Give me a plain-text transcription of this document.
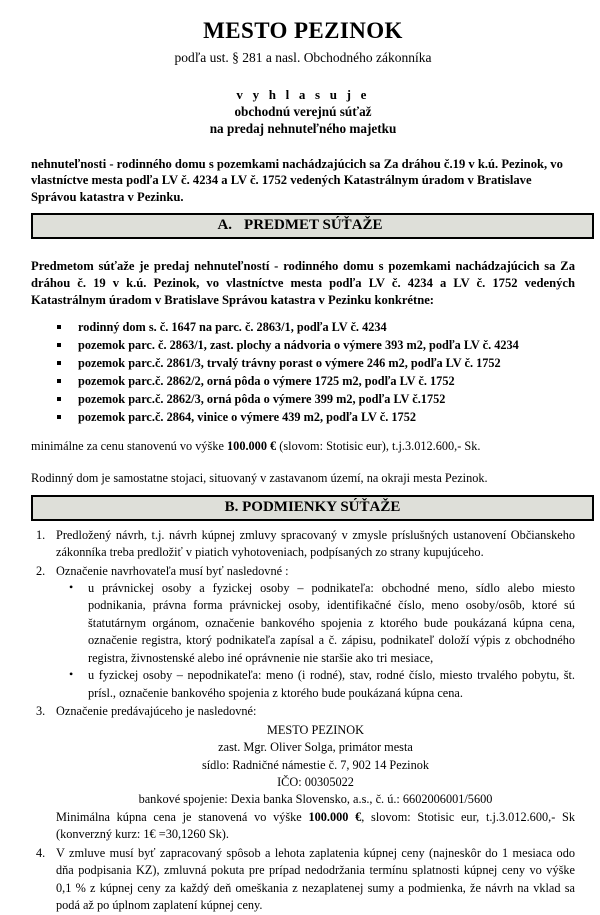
MESTO PEZINOK
podľa ust. § 281 a nasl. Obchodného zákonníka
v y h l a s u j e
obchodnú verejnú súťaž
na predaj nehnuteľného majetku
nehnuteľnosti - rodinného domu s pozemkami nachádzajúcich sa Za dráhou č.19 v k.ú. Pezinok, vo vlastníctve mesta podľa LV č. 4234 a LV č. 1752 vedených Katastrálnym úradom v Bratislave Správou katastra v Pezinku.
A. PREDMET SÚŤAŽE
Predmetom súťaže je predaj nehnuteľností - rodinného domu s pozemkami nachádzajúcich sa Za dráhou č. 19 v k.ú. Pezinok, vo vlastníctve mesta podľa LV č. 4234 a LV č. 1752 vedených Katastrálnym úradom v Bratislave Správou katastra v Pezinku konkrétne:
rodinný dom s. č. 1647 na parc. č. 2863/1, podľa LV č. 4234
pozemok parc. č. 2863/1, zast. plochy a nádvoria o výmere 393 m2, podľa LV č. 4234
pozemok parc.č. 2861/3, trvalý trávny porast o výmere 246 m2, podľa LV č. 1752
pozemok parc.č. 2862/2, orná pôda o výmere 1725 m2, podľa LV č. 1752
pozemok parc.č. 2862/3, orná pôda o výmere 399 m2, podľa LV č.1752
pozemok parc.č. 2864, vinice o výmere 439 m2, podľa LV č. 1752
minimálne za cenu stanovenú vo výške 100.000 € (slovom: Stotisic eur), t.j.3.012.600,- Sk.
Rodinný dom je samostatne stojaci, situovaný v zastavanom území, na okraji mesta Pezinok.
B. PODMIENKY SÚŤAŽE
Predložený návrh, t.j. návrh kúpnej zmluvy spracovaný v zmysle príslušných ustanovení Občianskeho zákonníka treba predložiť v piatich vyhotoveniach, podpísaných zo strany kupujúceho.
Označenie navrhovateľa musí byť nasledovné :
• u právnickej osoby a fyzickej osoby – podnikateľa: obchodné meno, sídlo alebo miesto podnikania, právna forma právnickej osoby, identifikačné číslo, meno osoby/osôb, ktoré sú štatutárnym orgánom, označenie bankového spojenia z ktorého bude poukázaná kúpna cena, označenie registra, ktorý podnikateľa zapísal a č. zápisu, podnikateľ doloží výpis z obchodného registra, živnostenské alebo iné oprávnenie nie staršie ako tri mesiace,
• u fyzickej osoby – nepodnikateľa: meno (i rodné), stav, rodné číslo, miesto trvalého pobytu, št. prísl., označenie bankového spojenia z ktorého bude poukázaná kúpna cena.
Označenie predávajúceho je nasledovné:
MESTO PEZINOK
zast. Mgr. Oliver Solga, primátor mesta
sídlo: Radničné námestie č. 7, 902 14 Pezinok
IČO: 00305022
bankové spojenie: Dexia banka Slovensko, a.s., č. ú.: 6602006001/5600
Minimálna kúpna cena je stanovená vo výške 100.000 €, slovom: Stotisic eur, t.j.3.012.600,- Sk (konverzný kurz: 1€ =30,1260 Sk).
V zmluve musí byť zapracovaný spôsob a lehota zaplatenia kúpnej ceny (najneskôr do 1 mesiaca odo dňa podpisania KZ), zmluvná pokuta pre prípad nedodržania termínu splatnosti kúpnej ceny vo výške 0,1 % z kúpnej ceny za každý deň omeškania z nezaplatenej sumy a podmienka, že návrh na vklad sa podá až po úplnom zaplatení kúpnej ceny.
